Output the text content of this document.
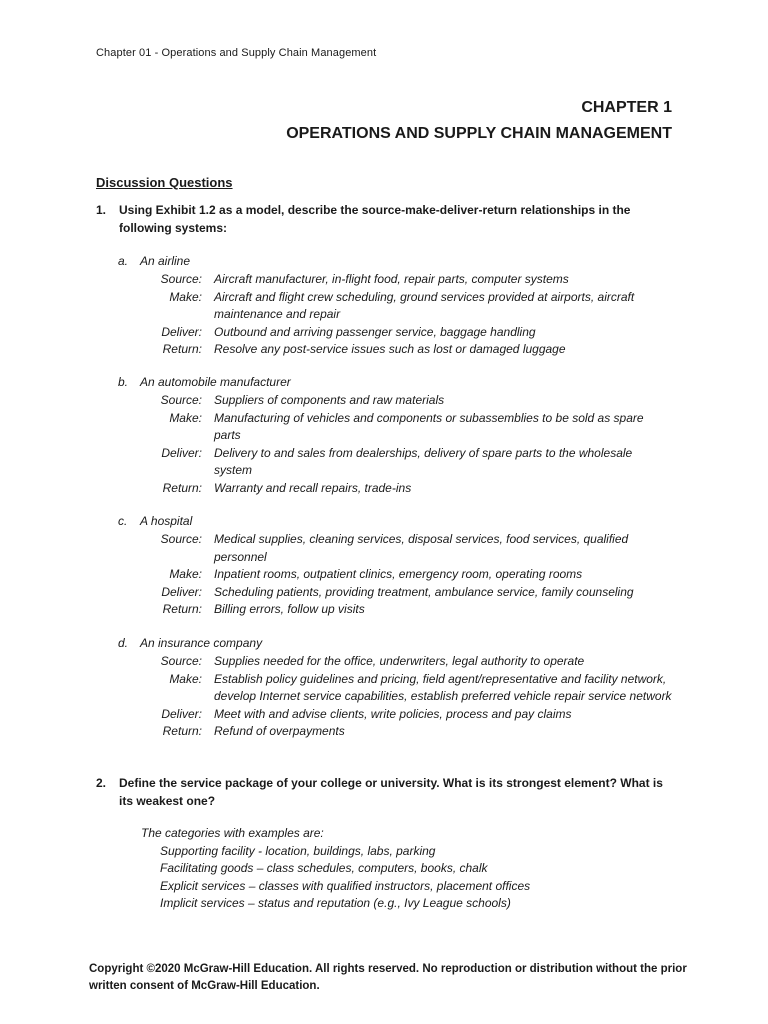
Chapter 01 - Operations and Supply Chain Management
CHAPTER 1
OPERATIONS AND SUPPLY CHAIN MANAGEMENT
Discussion Questions
1. Using Exhibit 1.2 as a model, describe the source-make-deliver-return relationships in the following systems:
a. An airline
Source:	Aircraft manufacturer, in-flight food, repair parts, computer systems
Make:	Aircraft and flight crew scheduling, ground services provided at airports, aircraft maintenance and repair
Deliver:	Outbound and arriving passenger service, baggage handling
Return:	Resolve any post-service issues such as lost or damaged luggage
b. An automobile manufacturer
Source:	Suppliers of components and raw materials
Make:	Manufacturing of vehicles and components or subassemblies to be sold as spare parts
Deliver:	Delivery to and sales from dealerships, delivery of spare parts to the wholesale system
Return:	Warranty and recall repairs, trade-ins
c. A hospital
Source:	Medical supplies, cleaning services, disposal services, food services, qualified personnel
Make:	Inpatient rooms, outpatient clinics, emergency room, operating rooms
Deliver:	Scheduling patients, providing treatment, ambulance service, family counseling
Return:	Billing errors, follow up visits
d. An insurance company
Source:	Supplies needed for the office, underwriters, legal authority to operate
Make:	Establish policy guidelines and pricing, field agent/representative and facility network, develop Internet service capabilities, establish preferred vehicle repair service network
Deliver:	Meet with and advise clients, write policies, process and pay claims
Return:	Refund of overpayments
2. Define the service package of your college or university. What is its strongest element? What is its weakest one?
The categories with examples are:
Supporting facility - location, buildings, labs, parking
Facilitating goods – class schedules, computers, books, chalk
Explicit services – classes with qualified instructors, placement offices
Implicit services – status and reputation (e.g., Ivy League schools)
Copyright ©2020 McGraw-Hill Education. All rights reserved. No reproduction or distribution without the prior written consent of McGraw-Hill Education.
